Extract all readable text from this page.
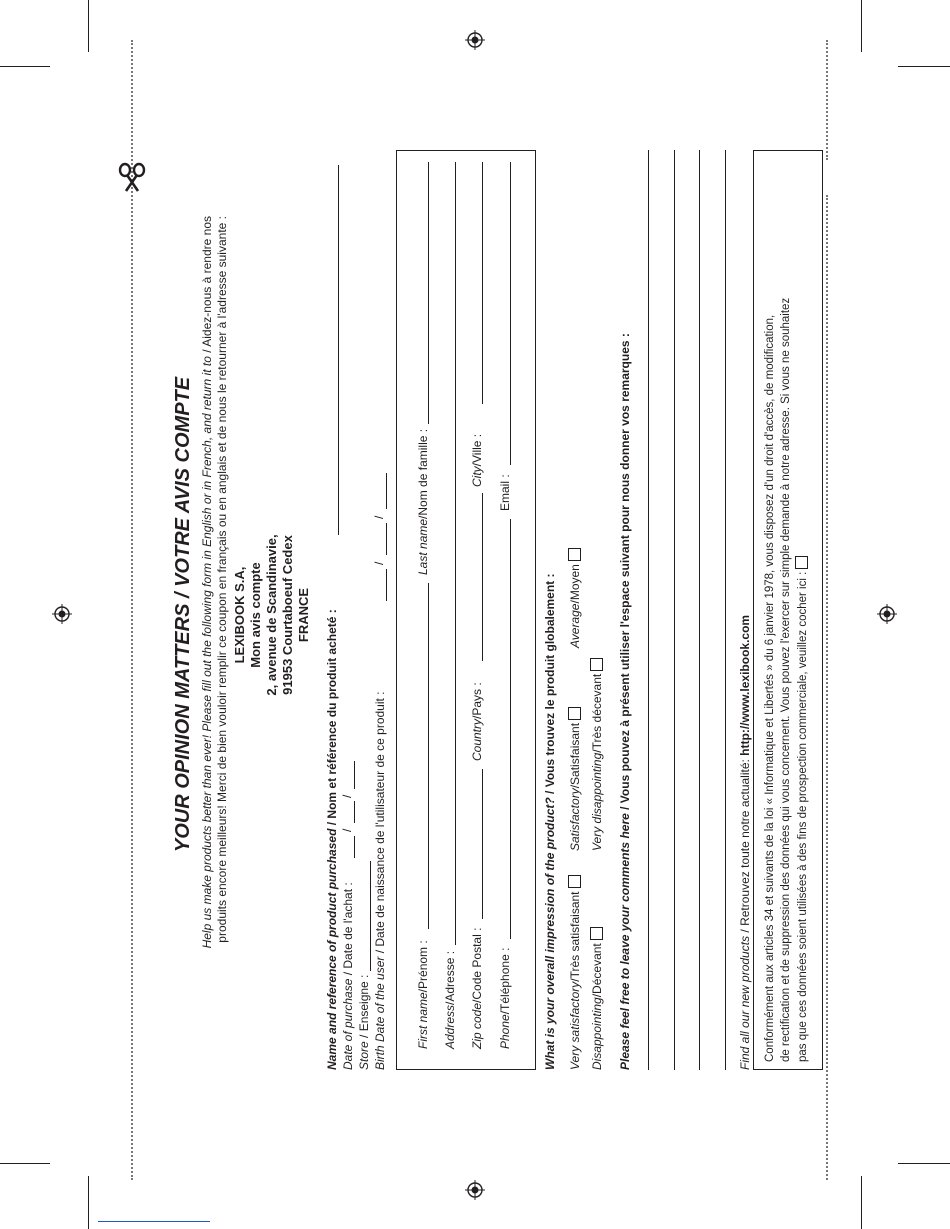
YOUR OPINION MATTERS / VOTRE AVIS COMPTE Help us make products better than ever! Please fill out the following form in English or in French, and return it to / Aidez-nous à rendre nos produits encore meilleurs! Merci de bien vouloir remplir ce coupon en français ou en anglais et de nous le retourner à l'adresse suivante : LEXIBOOK S.A, Mon avis compte 2, avenue de Scandinavie, 91953 Courtaboeuf Cedex FRANCE
Name and reference of product purchased / Nom et référence du produit acheté :
Date of purchase / Date de l'achat :
/
/
Store / Enseigne : Birth Date of the user / Date de naissance de l'utilisateur de ce produit :
/
/
First name/Prénom :
Last name/Nom de famille :
Address/Adresse :
Zip code/Code Postal :
Country/Pays :
City/Ville :
Phone/Téléphone :
Email :
What is your overall impression of the product? / Vous trouvez le produit globalement :
Very satisfactory/Très satisfaisant
Satisfactory/Satisfaisant
Average/Moyen
Disappointing/Décevant
Very disappointing/Très décevant
Please feel free to leave your comments here / Vous pouvez à présent utiliser l'espace suivant pour nous donner vos remarques :
Find all our new products / Retrouvez toute notre actualité: http://www.lexibook.com Conformément aux articles 34 et suivants de la loi « Informatique et Libertés » du 6 janvier 1978, vous disposez d'un droit d'accès, de modification, de rectification et de suppression des données qui vous concernent. Vous pouvez l'exercer sur simple demande à notre adresse. Si vous ne souhaitez pas que ces données soient utilisées à des fins de prospection commerciale, veuillez cocher ici :
